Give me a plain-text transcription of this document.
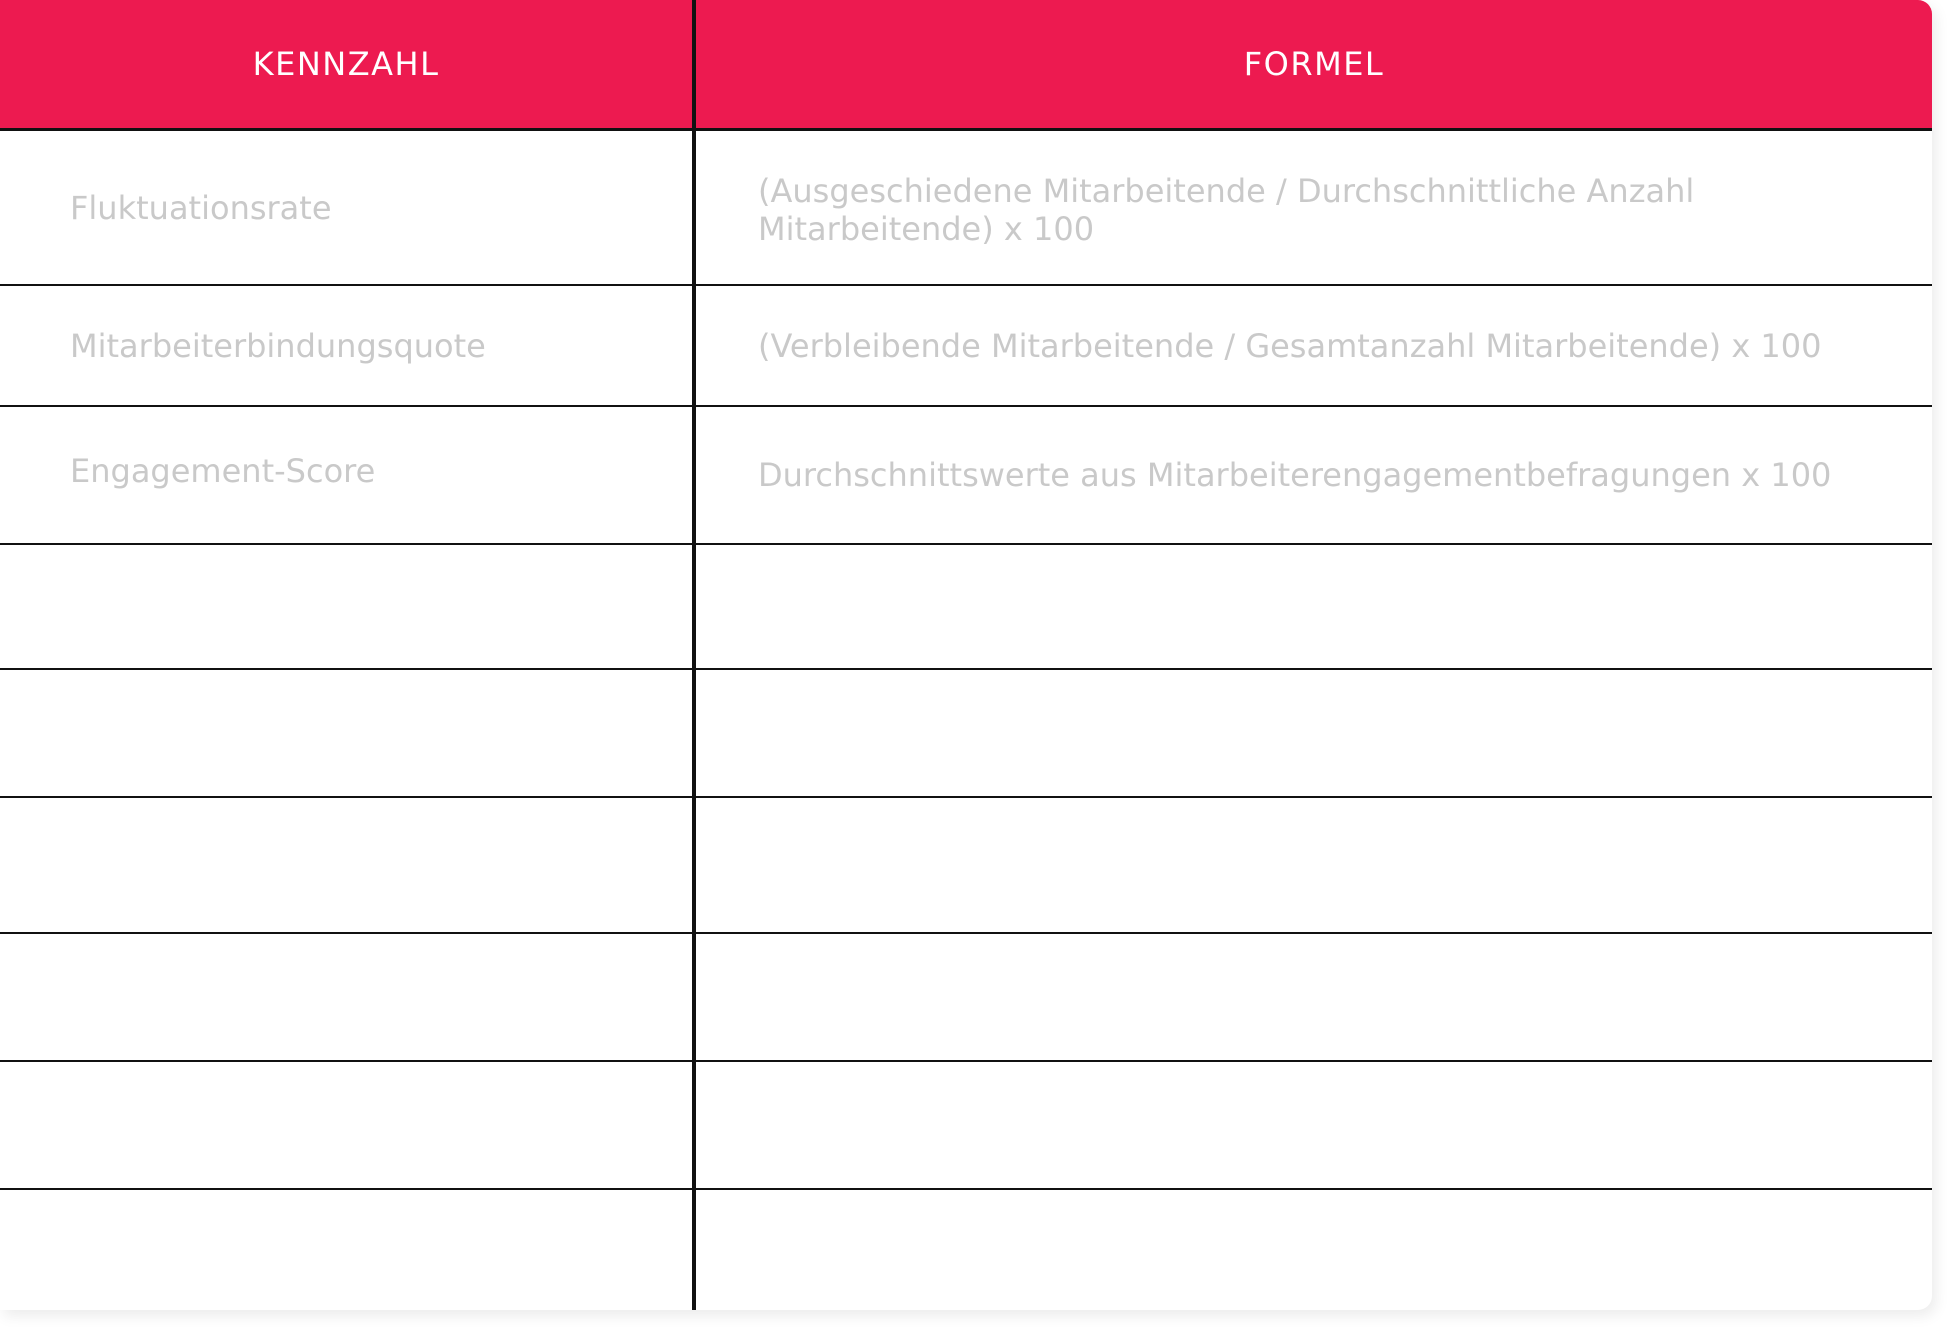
KENNZAHL	FORMEL
Fluktuationsrate	(Ausgeschiedene Mitarbeitende / Durchschnittliche Anzahl Mitarbeitende) x 100
Mitarbeiterbindungsquote	(Verbleibende Mitarbeitende / Gesamtanzahl Mitarbeitende) x 100
Engagement-Score	Durchschnittswerte aus Mitarbeiterengagementbefragungen x 100
